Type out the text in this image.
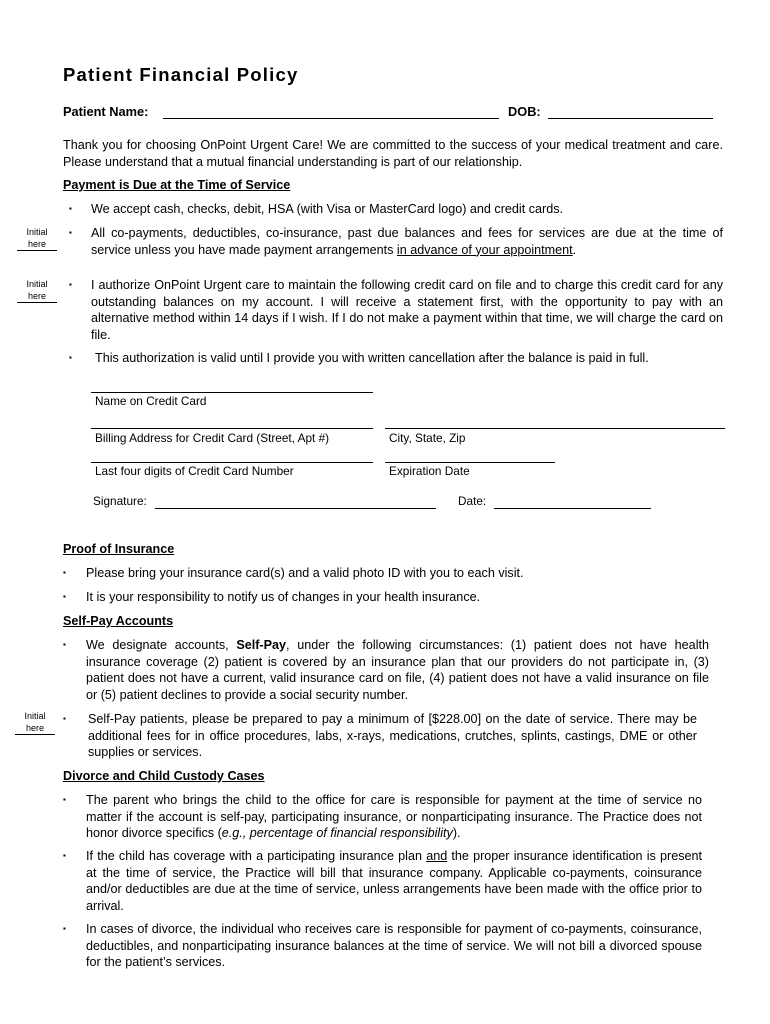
Patient Financial Policy
Patient Name:	DOB:
Thank you for choosing OnPoint Urgent Care! We are committed to the success of your medical treatment and care. Please understand that a mutual financial understanding is part of our relationship.
Payment is Due at the Time of Service
▪ We accept cash, checks, debit, HSA (with Visa or MasterCard logo) and credit cards.
Initial
here
▪ All co-payments, deductibles, co-insurance, past due balances and fees for services are due at the time of service unless you have made payment arrangements in advance of your appointment.
Initial
here
▪ I authorize OnPoint Urgent care to maintain the following credit card on file and to charge this credit card for any outstanding balances on my account. I will receive a statement first, with the opportunity to pay with an alternative method within 14 days if I wish. If I do not make a payment within that time, we will charge the card on file.
▪ This authorization is valid until I provide you with written cancellation after the balance is paid in full.
Name on Credit Card
Billing Address for Credit Card (Street, Apt #)	City, State, Zip
Last four digits of Credit Card Number	Expiration Date
Signature:	Date:
Proof of Insurance
▪ Please bring your insurance card(s) and a valid photo ID with you to each visit.
▪ It is your responsibility to notify us of changes in your health insurance.
Self-Pay Accounts
▪ We designate accounts, Self-Pay, under the following circumstances: (1) patient does not have health insurance coverage (2) patient is covered by an insurance plan that our providers do not participate in, (3) patient does not have a current, valid insurance card on file, (4) patient does not have a valid insurance on file or (5) patient declines to provide a social security number.
Initial
here
▪ Self-Pay patients, please be prepared to pay a minimum of [$228.00] on the date of service. There may be additional fees for in office procedures, labs, x-rays, medications, crutches, splints, castings, DME or other supplies or services.
Divorce and Child Custody Cases
▪ The parent who brings the child to the office for care is responsible for payment at the time of service no matter if the account is self-pay, participating insurance, or nonparticipating insurance. The Practice does not honor divorce specifics (e.g., percentage of financial responsibility).
▪ If the child has coverage with a participating insurance plan and the proper insurance identification is present at the time of service, the Practice will bill that insurance company. Applicable co-payments, coinsurance and/or deductibles are due at the time of service, unless arrangements have been made with the office prior to arrival.
▪ In cases of divorce, the individual who receives care is responsible for payment of co-payments, coinsurance, deductibles, and nonparticipating insurance balances at the time of service. We will not bill a divorced spouse for the patient’s services.
